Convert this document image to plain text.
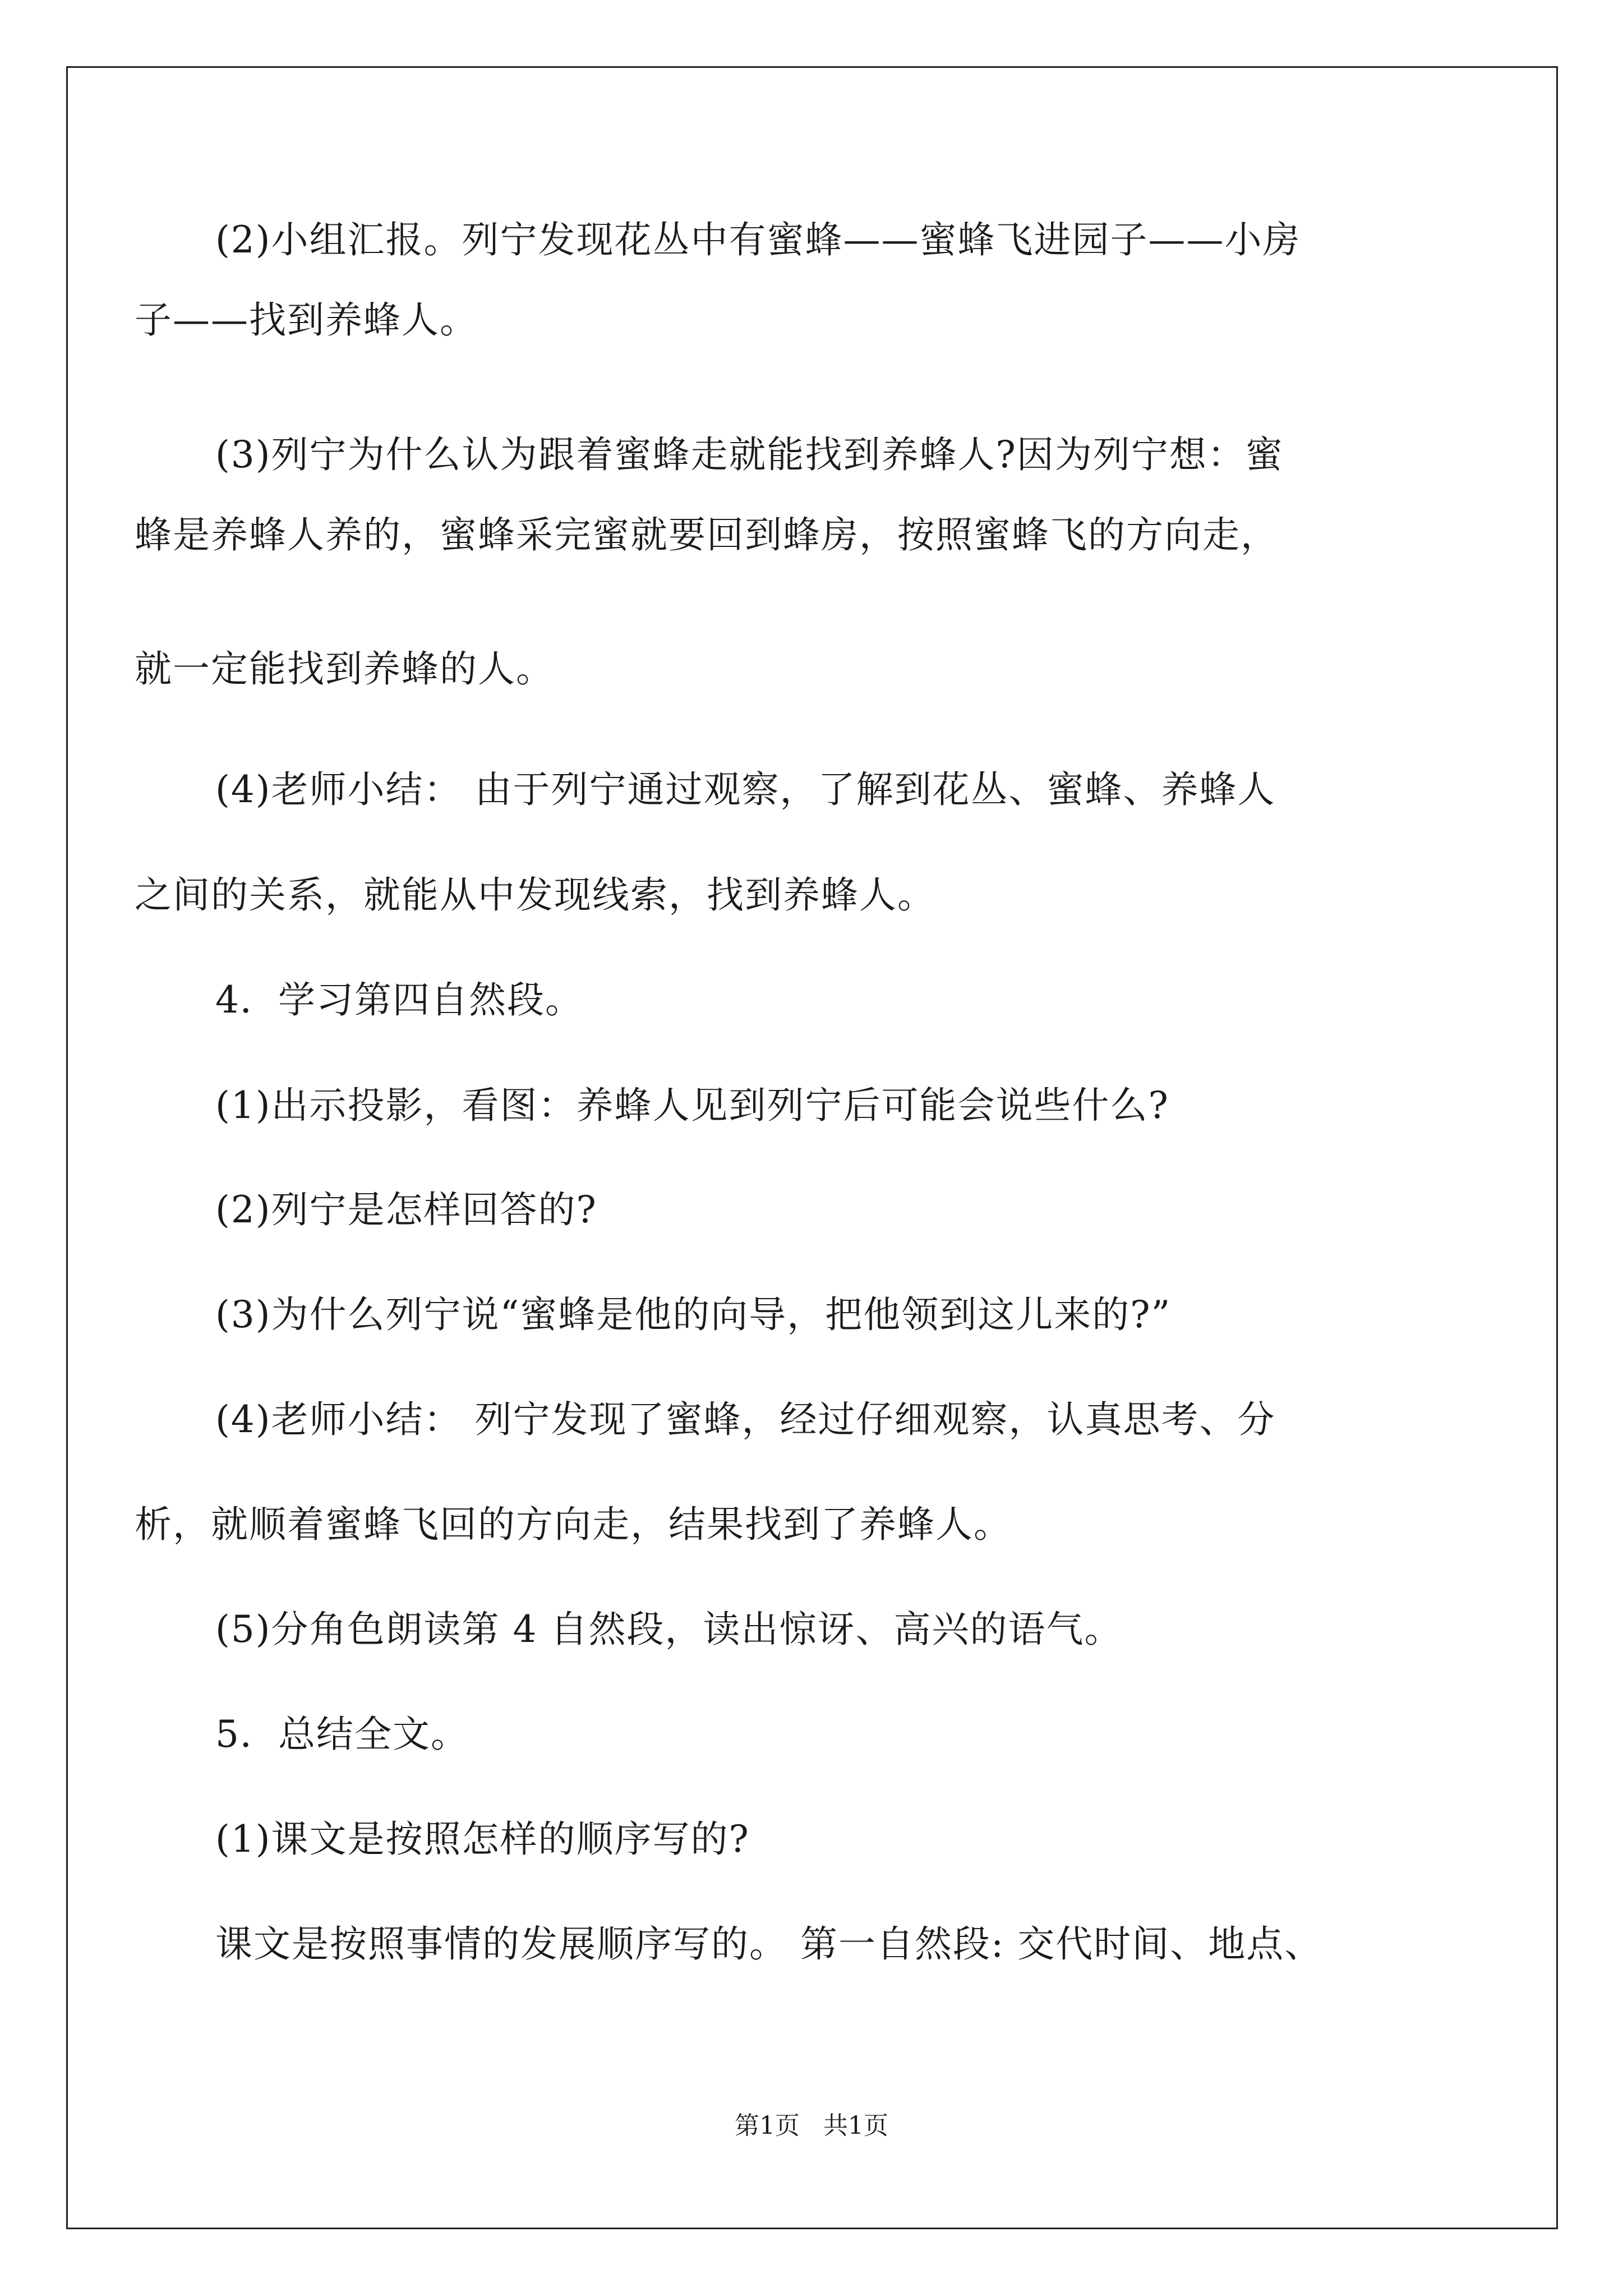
(2)小组汇报。列宁发现花丛中有蜜蜂——蜜蜂飞进园子——小房
子——找到养蜂人。
(3)列宁为什么认为跟着蜜蜂走就能找到养蜂人?因为列宁想：蜜
蜂是养蜂人养的，蜜蜂采完蜜就要回到蜂房，按照蜜蜂飞的方向走，
就一定能找到养蜂的人。
(4)老师小结： 由于列宁通过观察，了解到花丛、蜜蜂、养蜂人
之间的关系，就能从中发现线索，找到养蜂人。
4．学习第四自然段。
(1)出示投影，看图：养蜂人见到列宁后可能会说些什么?
(2)列宁是怎样回答的?
(3)为什么列宁说“蜜蜂是他的向导，把他领到这儿来的?”
(4)老师小结： 列宁发现了蜜蜂，经过仔细观察，认真思考、分
析，就顺着蜜蜂飞回的方向走，结果找到了养蜂人。
(5)分角色朗读第 4 自然段，读出惊讶、高兴的语气。
5．总结全文。
(1)课文是按照怎样的顺序写的?
课文是按照事情的发展顺序写的。 第一自然段: 交代时间、地点、
第1页 共1页
